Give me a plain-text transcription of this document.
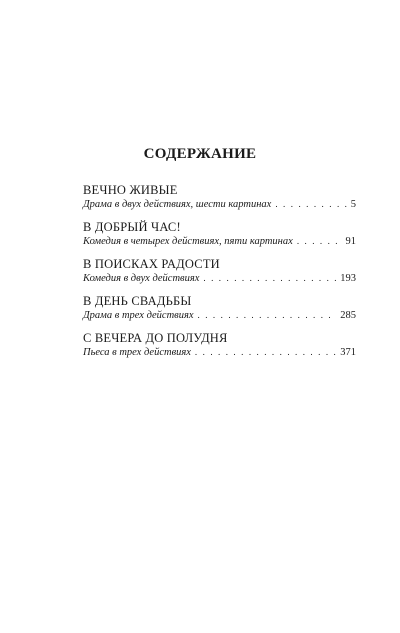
СОДЕРЖАНИЕ
ВЕЧНО ЖИВЫЕ
Драма в двух действиях, шести картинах . . .	5
В ДОБРЫЙ ЧАС!
Комедия в четырех действиях, пяти картинах . . .	91
В ПОИСКАХ РАДОСТИ
Комедия в двух действиях . . .	193
В ДЕНЬ СВАДЬБЫ
Драма в трех действиях . . .	285
С ВЕЧЕРА ДО ПОЛУДНЯ
Пьеса в трех действиях . . .	371
